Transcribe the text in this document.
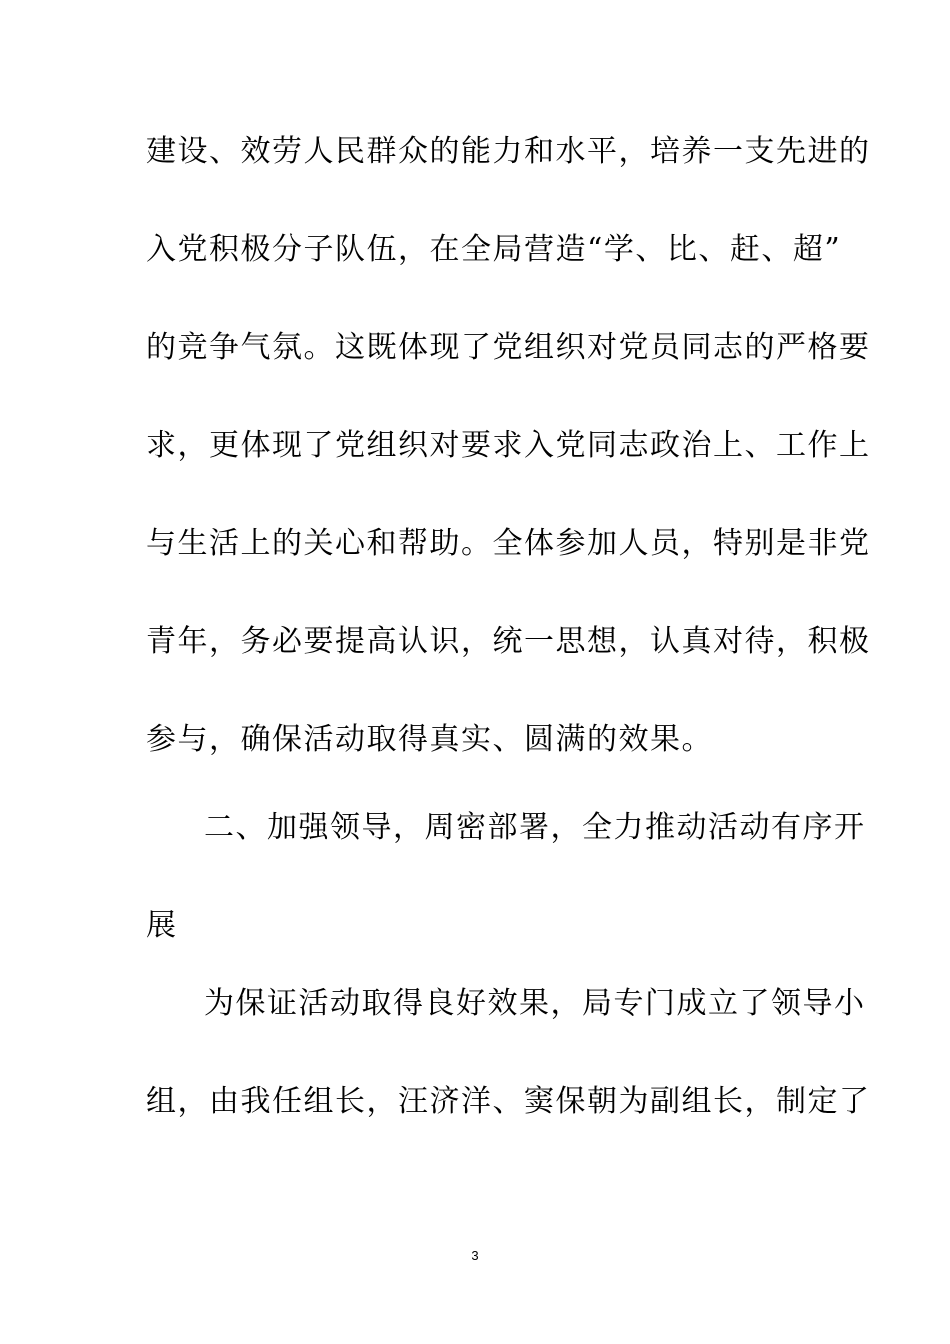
建设、效劳人民群众的能力和水平，培养一支先进的
入党积极分子队伍，在全局营造“学、比、赶、超”
的竞争气氛。这既体现了党组织对党员同志的严格要
求，更体现了党组织对要求入党同志政治上、工作上
与生活上的关心和帮助。全体参加人员，特别是非党
青年，务必要提高认识，统一思想，认真对待，积极
参与，确保活动取得真实、圆满的效果。
二、加强领导，周密部署，全力推动活动有序开
展
为保证活动取得良好效果，局专门成立了领导小
组，由我任组长，汪济洋、窦保朝为副组长，制定了
3
